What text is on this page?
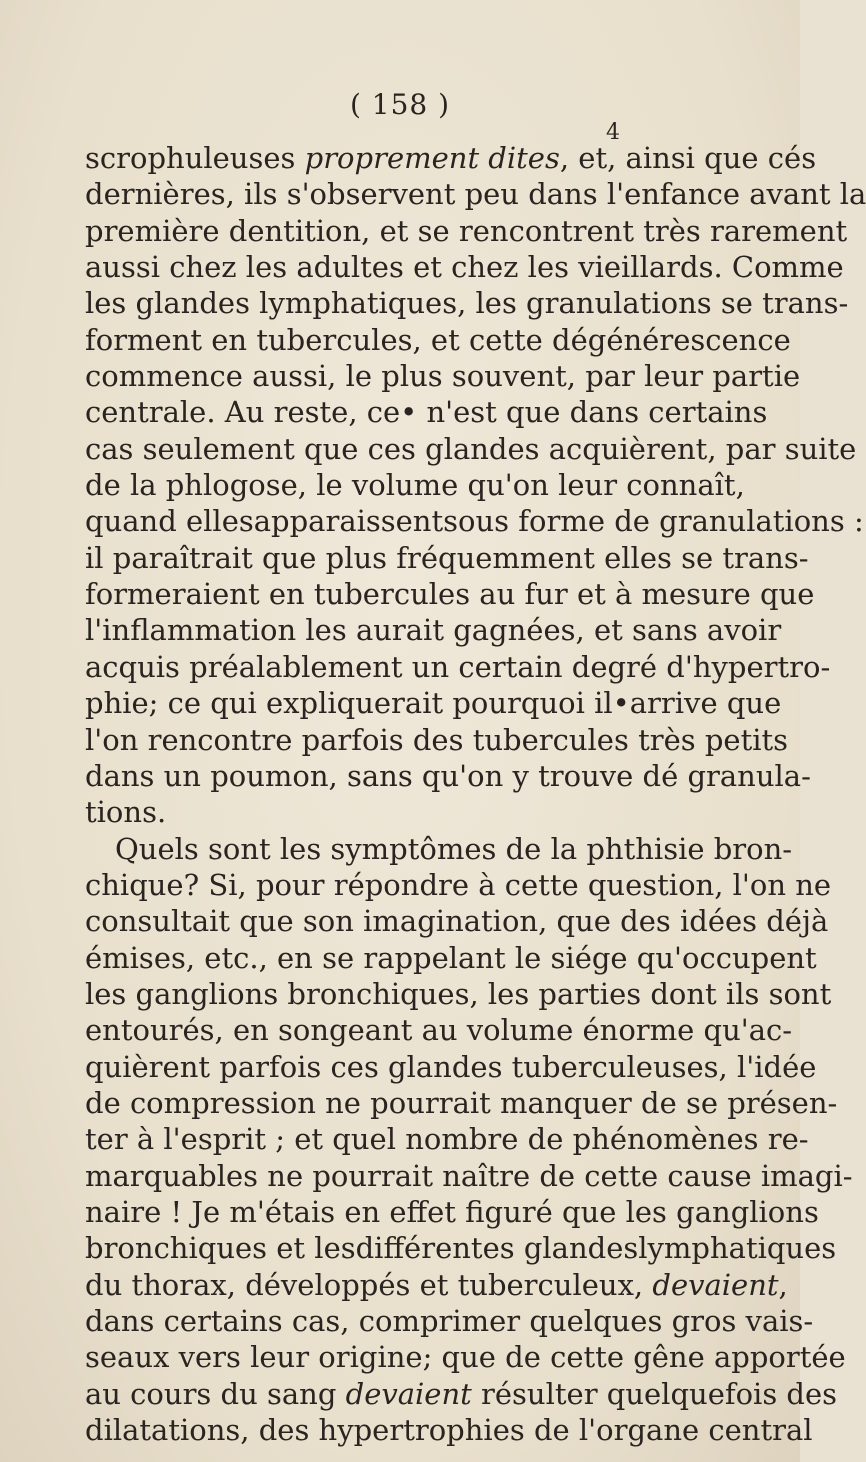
( 158 )
4
scrophuleuses proprement dites, et, ainsi que cés
dernières, ils s'observent peu dans l'enfance avant la
première dentition, et se rencontrent très rarement
aussi chez les adultes et chez les vieillards. Comme
les glandes lymphatiques, les granulations se trans-
forment en tubercules, et cette dégénérescence
commence aussi, le plus souvent, par leur partie
centrale. Au reste, ce• n'est que dans certains
cas seulement que ces glandes acquièrent, par suite
de la phlogose, le volume qu'on leur connaît,
quand ellesapparaissentsous forme de granulations :
il paraîtrait que plus fréquemment elles se trans-
formeraient en tubercules au fur et à mesure que
l'inflammation les aurait gagnées, et sans avoir
acquis préalablement un certain degré d'hypertro-
phie; ce qui expliquerait pourquoi il•arrive que
l'on rencontre parfois des tubercules très petits
dans un poumon, sans qu'on y trouve dé granula-
tions.
Quels sont les symptômes de la phthisie bron-
chique? Si, pour répondre à cette question, l'on ne
consultait que son imagination, que des idées déjà
émises, etc., en se rappelant le siége qu'occupent
les ganglions bronchiques, les parties dont ils sont
entourés, en songeant au volume énorme qu'ac-
quièrent parfois ces glandes tuberculeuses, l'idée
de compression ne pourrait manquer de se présen-
ter à l'esprit ; et quel nombre de phénomènes re-
marquables ne pourrait naître de cette cause imagi-
naire ! Je m'étais en effet figuré que les ganglions
bronchiques et lesdifférentes glandeslymphatiques
du thorax, développés et tuberculeux, devaient,
dans certains cas, comprimer quelques gros vais-
seaux vers leur origine; que de cette gêne apportée
au cours du sang devaient résulter quelquefois des
dilatations, des hypertrophies de l'organe central
